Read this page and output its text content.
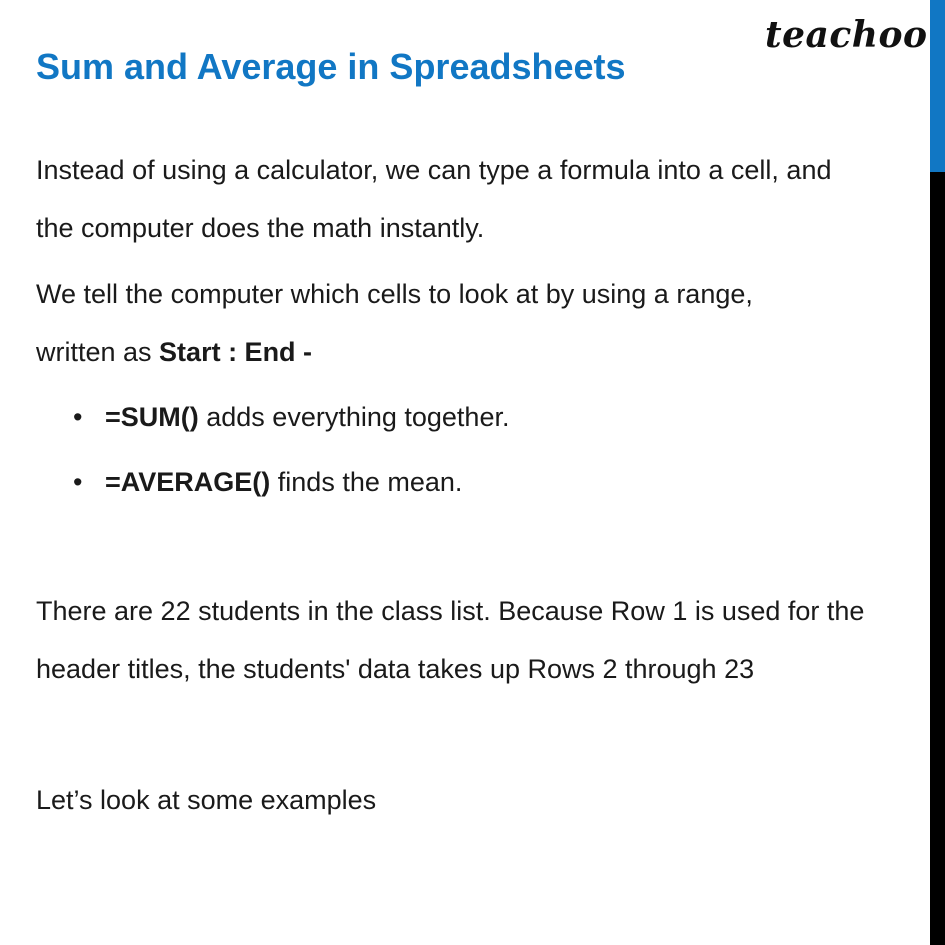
teachoo
Sum and Average in Spreadsheets
Instead of using a calculator, we can type a formula into a cell, and
the computer does the math instantly.
We tell the computer which cells to look at by using a range,
written as Start : End -
• =SUM() adds everything together.
• =AVERAGE() finds the mean.
There are 22 students in the class list. Because Row 1 is used for the
header titles, the students' data takes up Rows 2 through 23
Let’s look at some examples
